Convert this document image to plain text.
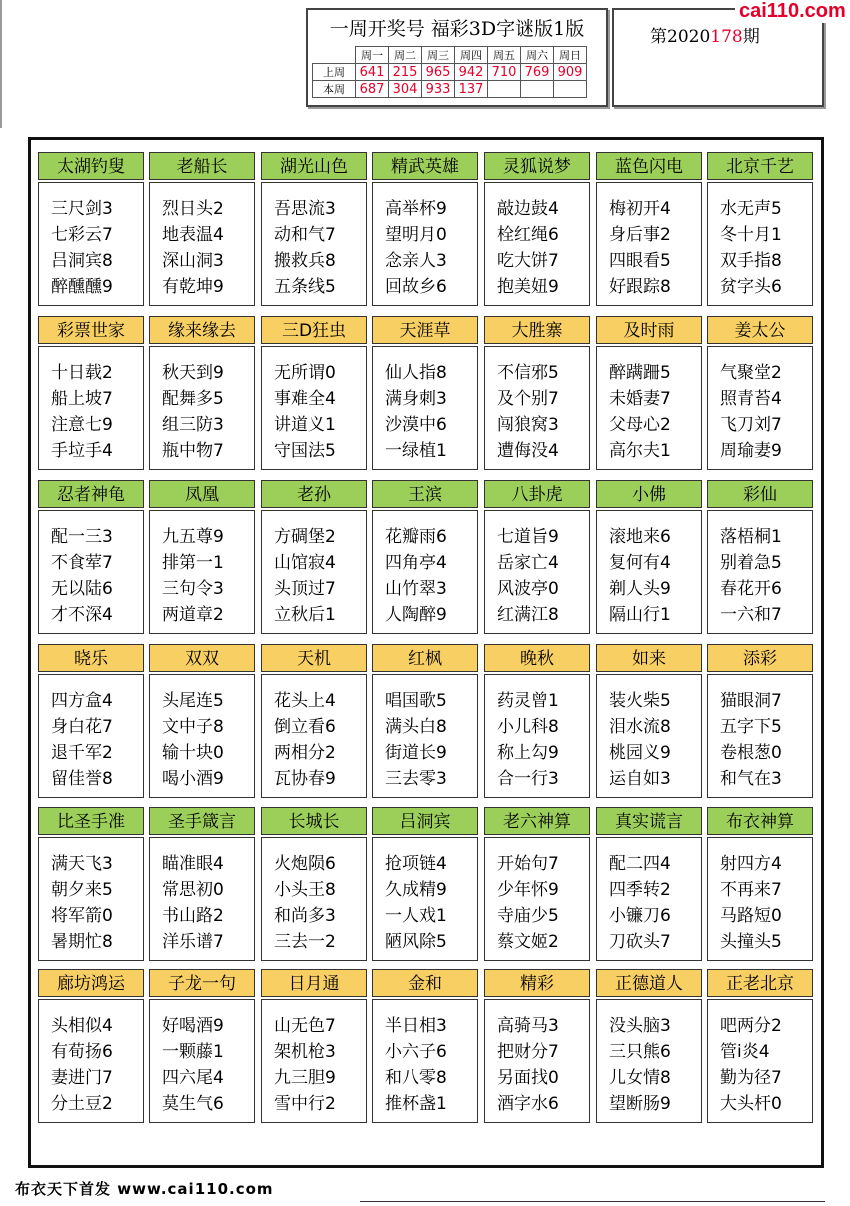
一周开奖号 福彩3D字谜版1版
	周一	周二	周三	周四	周五	周六	周日
上周	641	215	965	942	710	769	909
本周	687	304	933	137			
第2020178期
cai110.com
太湖钓叟
三尺剑3
七彩云7
吕洞宾8
醉醺醺9
老船长
烈日头2
地表温4
深山洞3
有乾坤9
湖光山色
吾思流3
动和气7
搬救兵8
五条线5
精武英雄
高举杯9
望明月0
念亲人3
回故乡6
灵狐说梦
敲边鼓4
栓红绳6
吃大饼7
抱美妞9
蓝色闪电
梅初开4
身后事2
四眼看5
好跟踪8
北京千艺
水无声5
冬十月1
双手指8
贫字头6
彩票世家
十日载2
船上坡7
注意七9
手垃手4
缘来缘去
秋天到9
配舞多5
组三防3
瓶中物7
三D狂虫
无所谓0
事难全4
讲道义1
守国法5
天涯草
仙人指8
满身刺3
沙漠中6
一绿植1
大胜寨
不信邪5
及个别7
闯狼窝3
遭侮没4
及时雨
醉蹒跚5
未婚妻7
父母心2
高尔夫1
姜太公
气聚堂2
照青苔4
飞刀刘7
周瑜妻9
忍者神龟
配一三3
不食荤7
无以陆6
才不深4
凤凰
九五尊9
排第一1
三句令3
两道章2
老孙
方碉堡2
山馆寂4
头顶过7
立秋后1
王滨
花瓣雨6
四角亭4
山竹翠3
人陶醉9
八卦虎
七道旨9
岳家亡4
风波亭0
红满江8
小佛
滚地来6
复何有4
剃人头9
隔山行1
彩仙
落梧桐1
别着急5
春花开6
一六和7
晓乐
四方盒4
身白花7
退千军2
留佳誉8
双双
头尾连5
文中子8
输十块0
喝小酒9
天机
花头上4
倒立看6
两相分2
瓦协春9
红枫
唱国歌5
满头白8
街道长9
三去零3
晚秋
药灵曾1
小儿科8
称上勾9
合一行3
如来
装火柴5
泪水流8
桃园义9
运自如3
添彩
猫眼洞7
五字下5
卷根葱0
和气在3
比圣手准
满天飞3
朝夕来5
将军箭0
暑期忙8
圣手箴言
瞄准眼4
常思初0
书山路2
洋乐谱7
长城长
火炮陨6
小头王8
和尚多3
三去一2
吕洞宾
抢项链4
久成精9
一人戏1
陋风除5
老六神算
开始句7
少年怀9
寺庙少5
蔡文姬2
真实谎言
配二四4
四季转2
小镰刀6
刀砍头7
布衣神算
射四方4
不再来7
马路短0
头撞头5
廊坊鸿运
头相似4
有荀扬6
妻进门7
分土豆2
子龙一句
好喝酒9
一颗藤1
四六尾4
莫生气6
日月通
山无色7
架机枪3
九三胆9
雪中行2
金和
半日相3
小六子6
和八零8
推杯盏1
精彩
高骑马3
把财分7
另面找0
酒字水6
正德道人
没头脑3
三只熊6
儿女情8
望断肠9
正老北京
吧两分2
管i炎4
勤为径7
大头杆0
布衣天下首发 www.cai110.com
